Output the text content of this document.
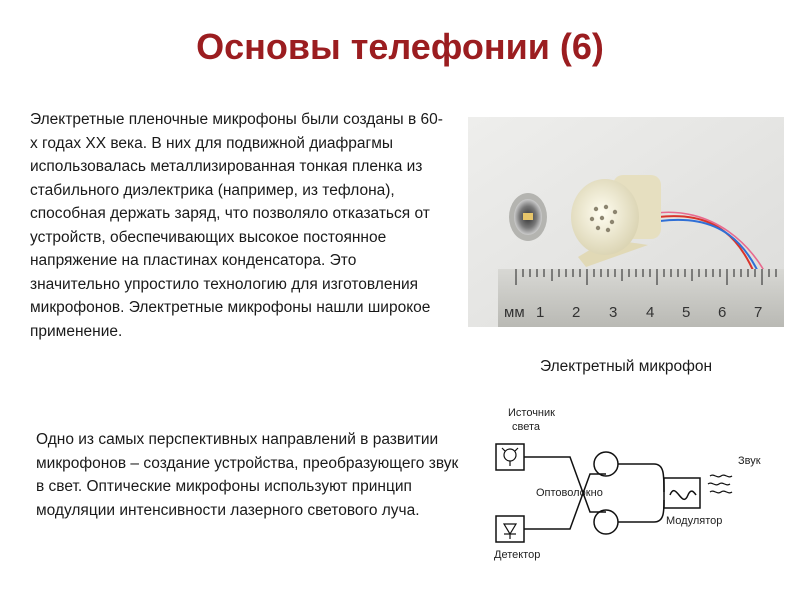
Основы телефонии (6)
Электретные пленочные микрофоны были созданы в 60-х годах XX века. В них для подвижной диафрагмы использовалась металлизированная тонкая пленка из стабильного диэлектрика (например, из тефлона), способная держать заряд, что позволяло отказаться от устройств, обеспечивающих высокое постоянное напряжение на пластинах конденсатора. Это значительно упростило технологию для изготовления микрофонов. Электретные микрофоны нашли широкое применение.
мм 1 2 3 4 5 6 7
Электретный микрофон
Одно из самых перспективных направлений в развитии микрофонов – создание устройства, преобразующего звук в свет. Оптические микрофоны используют принцип модуляции интенсивности лазерного светового луча.
Источник
света
Оптоволокно
Детектор
Модулятор
Звук
